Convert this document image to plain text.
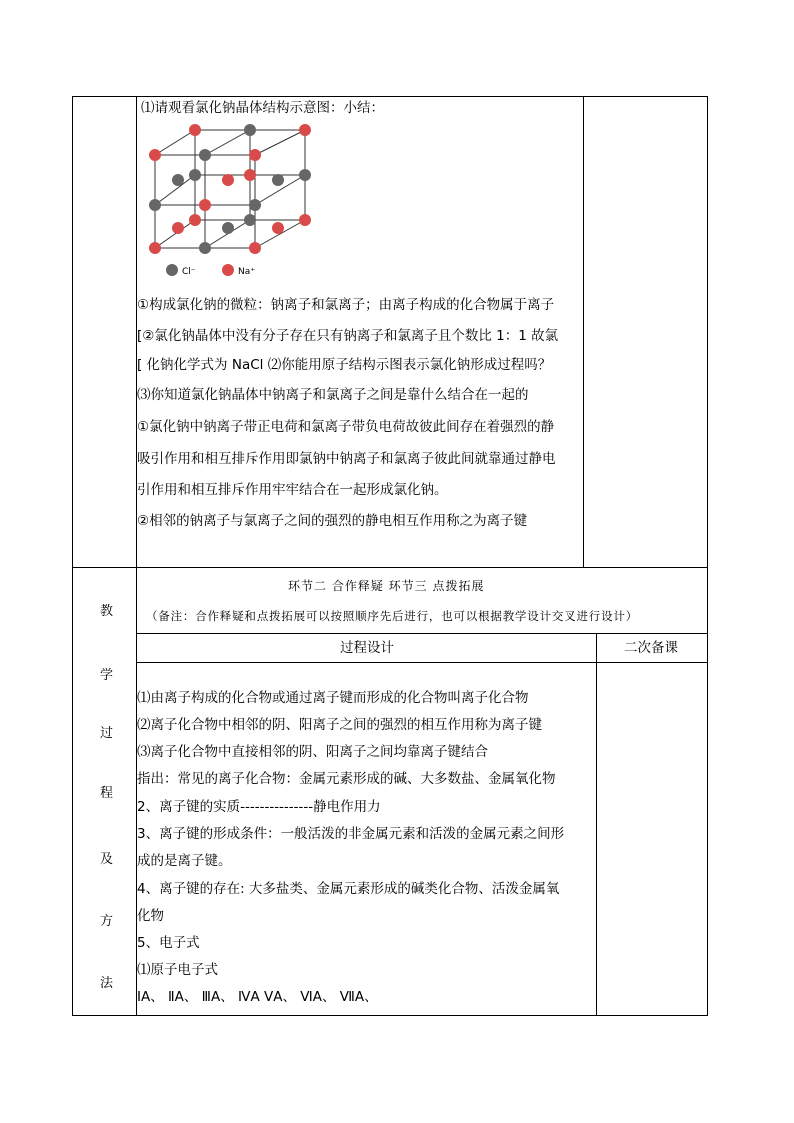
⑴请观看氯化钠晶体结构示意图：小结：
Cl⁻	Na⁺
①构成氯化钠的微粒：钠离子和氯离子；由离子构成的化合物属于离子
[②氯化钠晶体中没有分子存在只有钠离子和氯离子且个数比 1：1 故氯
[ 化钠化学式为 NaCl ⑵你能用原子结构示图表示氯化钠形成过程吗？
⑶你知道氯化钠晶体中钠离子和氯离子之间是靠什么结合在一起的
①氯化钠中钠离子带正电荷和氯离子带负电荷故彼此间存在着强烈的静
吸引作用和相互排斥作用即氯钠中钠离子和氯离子彼此间就靠通过静电
引作用和相互排斥作用牢牢结合在一起形成氯化钠。
②相邻的钠离子与氯离子之间的强烈的静电相互作用称之为离子键
教
学
过
程
及
方
法
环节二 合作释疑 环节三 点拨拓展
（备注：合作释疑和点拨拓展可以按照顺序先后进行，也可以根据教学设计交叉进行设计）
过程设计	二次备课
⑴由离子构成的化合物或通过离子键而形成的化合物叫离子化合物
⑵离子化合物中相邻的阴、阳离子之间的强烈的相互作用称为离子键
⑶离子化合物中直接相邻的阴、阳离子之间均靠离子键结合
指出：常见的离子化合物：金属元素形成的碱、大多数盐、金属氧化物
2、离子键的实质---------------静电作用力
3、离子键的形成条件：一般活泼的非金属元素和活泼的金属元素之间形
成的是离子键。
4、离子键的存在: 大多盐类、金属元素形成的碱类化合物、活泼金属氧
化物
5、电子式
⑴原子电子式
ⅠA、 ⅡA、 ⅢA、 ⅣA ⅤA、 ⅥA、 ⅦA、
